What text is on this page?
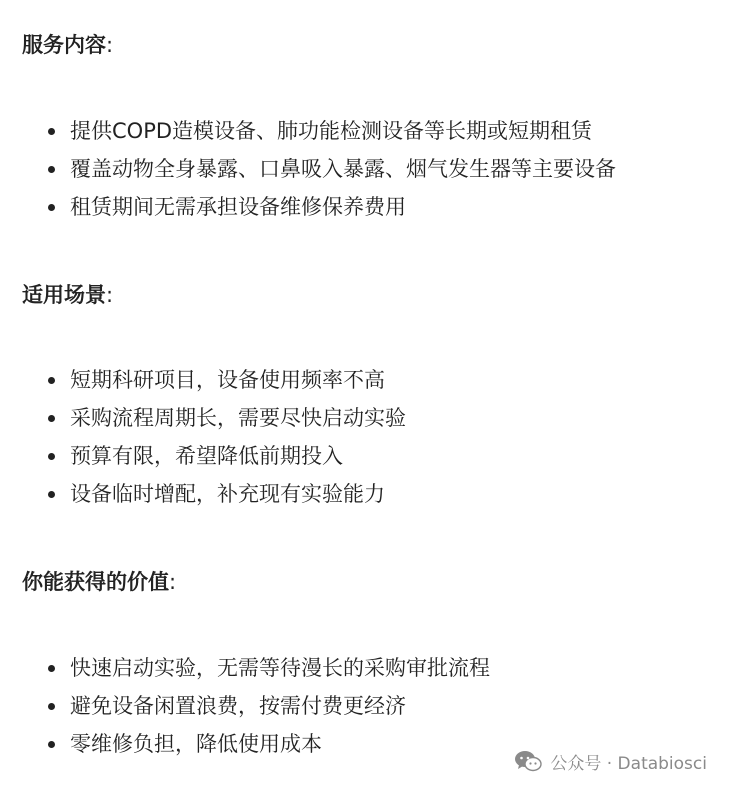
服务内容:
提供COPD造模设备、肺功能检测设备等长期或短期租赁
覆盖动物全身暴露、口鼻吸入暴露、烟气发生器等主要设备
租赁期间无需承担设备维修保养费用
适用场景:
短期科研项目，设备使用频率不高
采购流程周期长，需要尽快启动实验
预算有限，希望降低前期投入
设备临时增配，补充现有实验能力
你能获得的价值:
快速启动实验，无需等待漫长的采购审批流程
避免设备闲置浪费，按需付费更经济
零维修负担，降低使用成本
公众号 · Databiosci
